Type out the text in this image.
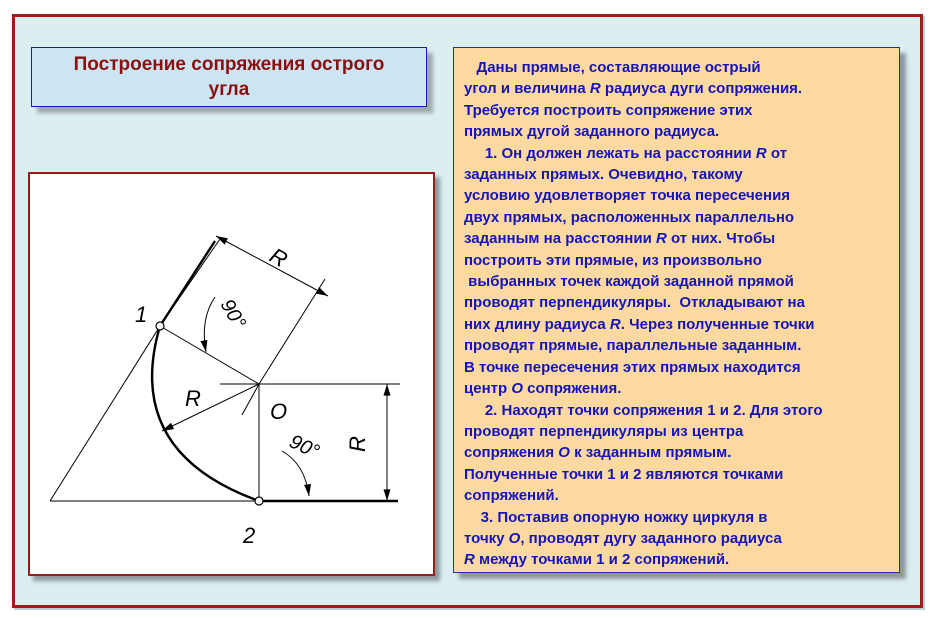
Построение сопряжения острого угла
1
2
O
R
R
R
90°
90°
Даны прямые, составляющие острый
угол и величина R радиуса дуги сопряжения.
Требуется построить сопряжение этих
прямых дугой заданного радиуса.
1. Он должен лежать на расстоянии R от
заданных прямых. Очевидно, такому
условию удовлетворяет точка пересечения
двух прямых, расположенных параллельно
заданным на расстоянии R от них. Чтобы
построить эти прямые, из произвольно
выбранных точек каждой заданной прямой
проводят перпендикуляры.  Откладывают на
них длину радиуса R. Через полученные точки
проводят прямые, параллельные заданным.
В точке пересечения этих прямых находится
центр O сопряжения.
2. Находят точки сопряжения 1 и 2. Для этого
проводят перпендикуляры из центра
сопряжения O к заданным прямым.
Полученные точки 1 и 2 являются точками
сопряжений.
3. Поставив опорную ножку циркуля в
точку O, проводят дугу заданного радиуса
R между точками 1 и 2 сопряжений.
